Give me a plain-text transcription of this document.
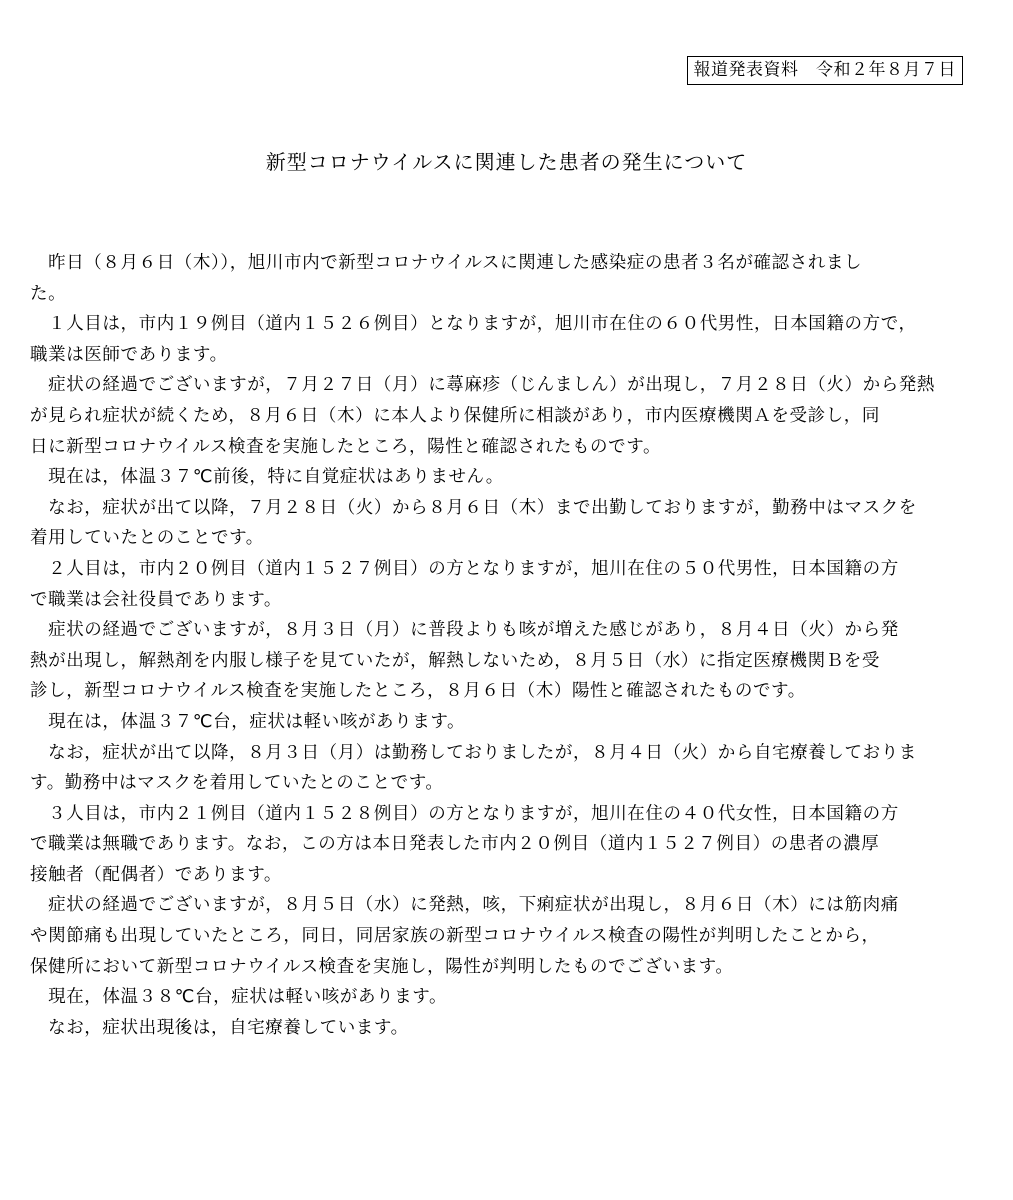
報道発表資料　令和２年８月７日
新型コロナウイルスに関連した患者の発生について

　昨日（８月６日（木）），旭川市内で新型コロナウイルスに関連した感染症の患者３名が確認されまし
た。

　１人目は，市内１９例目（道内１５２６例目）となりますが，旭川市在住の６０代男性，日本国籍の方で，
職業は医師であります。

　症状の経過でございますが，７月２７日（月）に蕁麻疹（じんましん）が出現し，７月２８日（火）から発熱
が見られ症状が続くため，８月６日（木）に本人より保健所に相談があり，市内医療機関Ａを受診し，同
日に新型コロナウイルス検査を実施したところ，陽性と確認されたものです。

　現在は，体温３７℃前後，特に自覚症状はありません。

　なお，症状が出て以降，７月２８日（火）から８月６日（木）まで出勤しておりますが，勤務中はマスクを
着用していたとのことです。

　２人目は，市内２０例目（道内１５２７例目）の方となりますが，旭川在住の５０代男性，日本国籍の方
で職業は会社役員であります。

　症状の経過でございますが，８月３日（月）に普段よりも咳が増えた感じがあり，８月４日（火）から発
熱が出現し，解熱剤を内服し様子を見ていたが，解熱しないため，８月５日（水）に指定医療機関Ｂを受
診し，新型コロナウイルス検査を実施したところ，８月６日（木）陽性と確認されたものです。

　現在は，体温３７℃台，症状は軽い咳があります。

　なお，症状が出て以降，８月３日（月）は勤務しておりましたが，８月４日（火）から自宅療養しておりま
す。勤務中はマスクを着用していたとのことです。

　３人目は，市内２１例目（道内１５２８例目）の方となりますが，旭川在住の４０代女性，日本国籍の方
で職業は無職であります。なお，この方は本日発表した市内２０例目（道内１５２７例目）の患者の濃厚
接触者（配偶者）であります。

　症状の経過でございますが，８月５日（水）に発熱，咳，下痢症状が出現し，８月６日（木）には筋肉痛
や関節痛も出現していたところ，同日，同居家族の新型コロナウイルス検査の陽性が判明したことから，
保健所において新型コロナウイルス検査を実施し，陽性が判明したものでございます。

　現在，体温３８℃台，症状は軽い咳があります。

　なお，症状出現後は，自宅療養しています。
